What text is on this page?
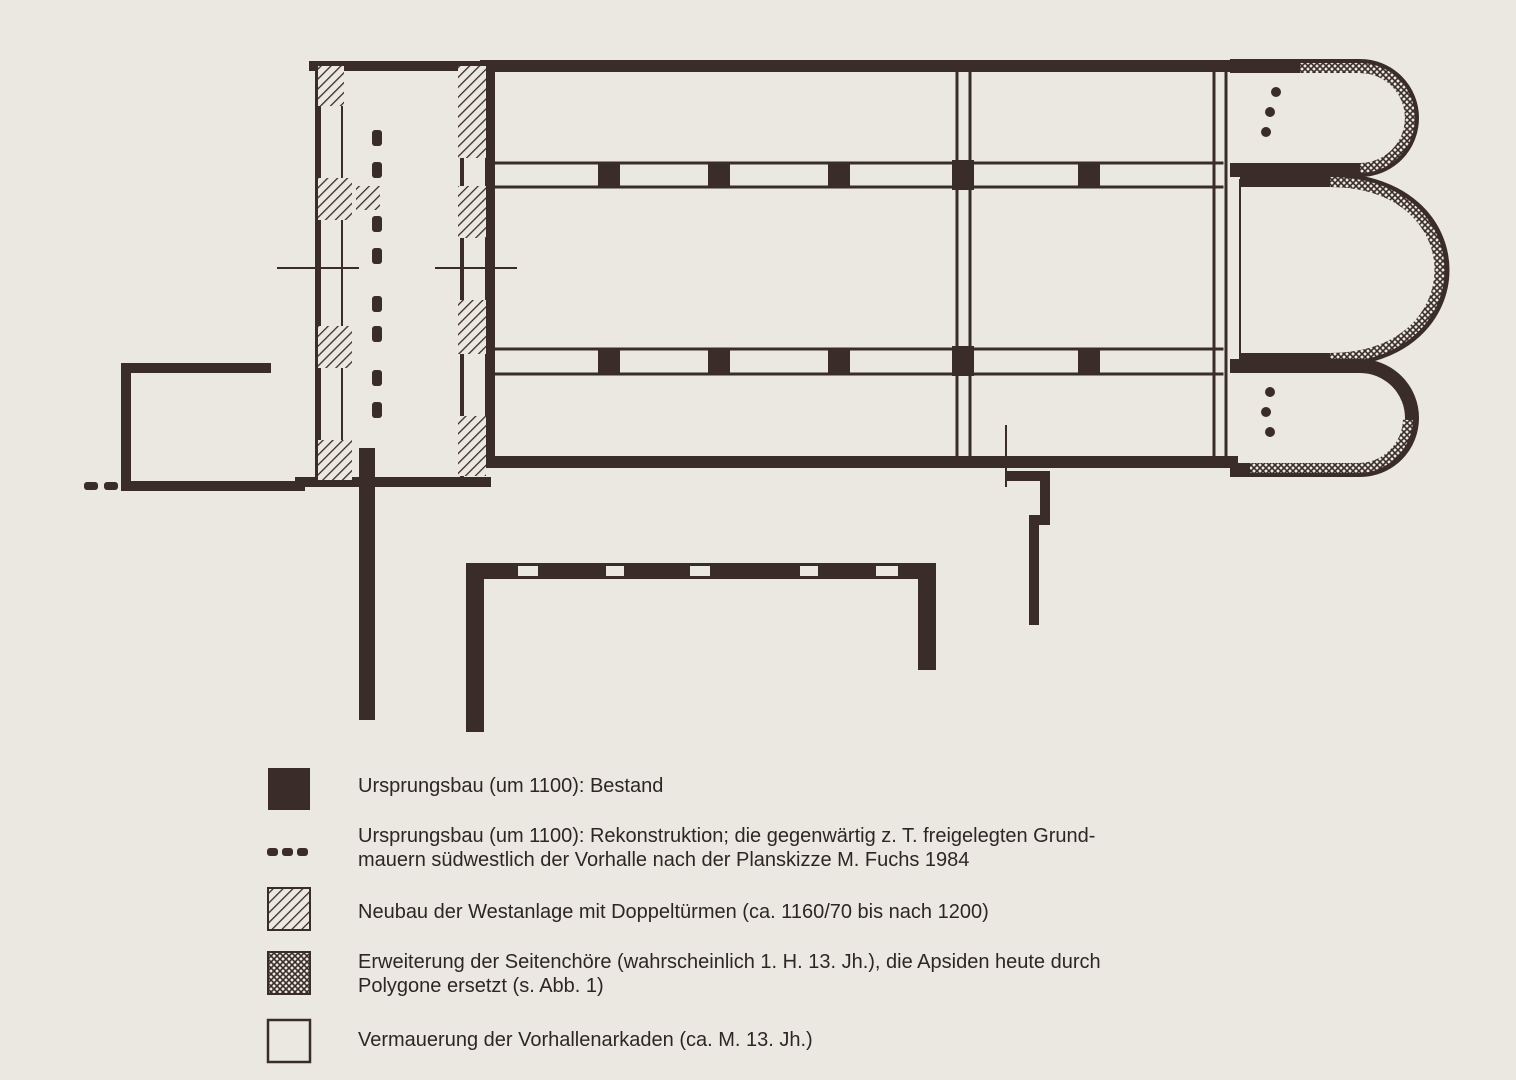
Ursprungsbau (um 1100): Bestand
Ursprungsbau (um 1100): Rekonstruktion; die gegenwärtig z. T. freigelegten Grund-
mauern südwestlich der Vorhalle nach der Planskizze M. Fuchs 1984
Neubau der Westanlage mit Doppeltürmen (ca. 1160/70 bis nach 1200)
Erweiterung der Seitenchöre (wahrscheinlich 1. H. 13. Jh.), die Apsiden heute durch
Polygone ersetzt (s. Abb. 1)
Vermauerung der Vorhallenarkaden (ca. M. 13. Jh.)
